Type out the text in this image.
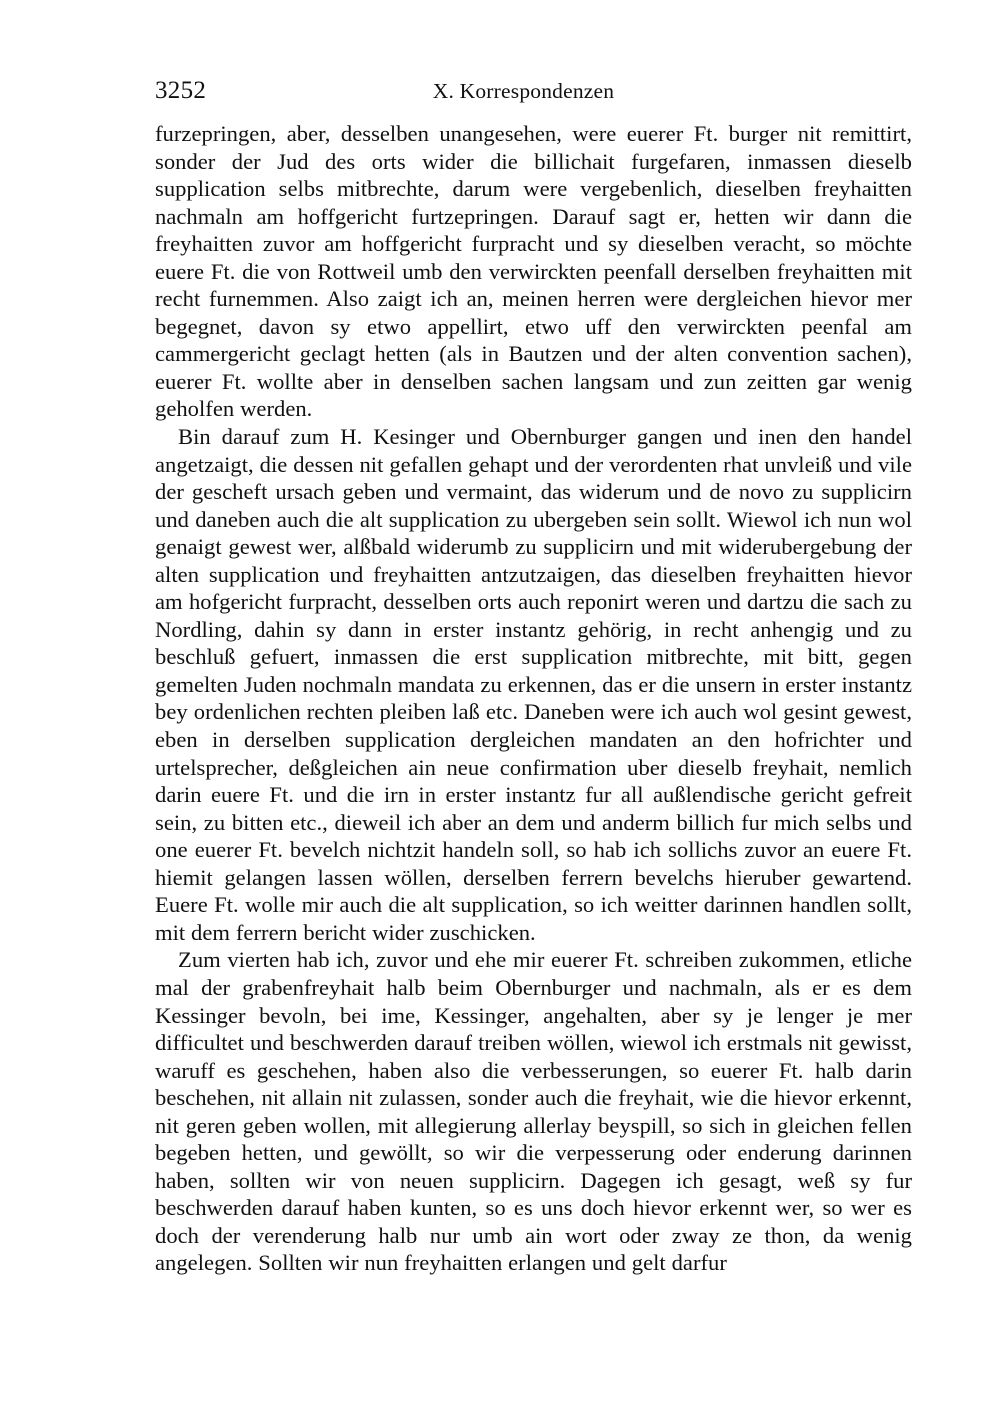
3252	X. Korrespondenzen

furzepringen, aber, desselben unangesehen, were euerer Ft. burger nit remittirt, sonder der Jud des orts wider die billichait furgefaren, inmassen dieselb supplication selbs mitbrechte, darum were vergebenlich, dieselben freyhaitten nachmaln am hoffgericht furtzepringen. Darauf sagt er, hetten wir dann die freyhaitten zuvor am hoffgericht furpracht und sy dieselben veracht, so möchte euere Ft. die von Rottweil umb den verwirckten peenfall derselben freyhaitten mit recht furnemmen. Also zaigt ich an, meinen herren were dergleichen hievor mer begegnet, davon sy etwo appellirt, etwo uff den verwirckten peenfal am cammergericht geclagt hetten (als in Bautzen und der alten convention sachen), euerer Ft. wollte aber in denselben sachen langsam und zun zeitten gar wenig geholfen werden.

Bin darauf zum H. Kesinger und Obernburger gangen und inen den handel angetzaigt, die dessen nit gefallen gehapt und der verordenten rhat unvleiß und vile der gescheft ursach geben und vermaint, das widerum und de novo zu supplicirn und daneben auch die alt supplication zu ubergeben sein sollt. Wiewol ich nun wol genaigt gewest wer, alßbald widerumb zu supplicirn und mit widerubergebung der alten supplication und freyhaitten antzutzaigen, das dieselben freyhaitten hievor am hofgericht furpracht, desselben orts auch reponirt weren und dartzu die sach zu Nordling, dahin sy dann in erster instantz gehörig, in recht anhengig und zu beschluß gefuert, inmassen die erst supplication mitbrechte, mit bitt, gegen gemelten Juden nochmaln mandata zu erkennen, das er die unsern in erster instantz bey ordenlichen rechten pleiben laß etc. Daneben were ich auch wol gesint gewest, eben in derselben supplication dergleichen mandaten an den hofrichter und urtelsprecher, deßgleichen ain neue confirmation uber dieselb freyhait, nemlich darin euere Ft. und die irn in erster instantz fur all außlendische gericht gefreit sein, zu bitten etc., dieweil ich aber an dem und anderm billich fur mich selbs und one euerer Ft. bevelch nichtzit handeln soll, so hab ich sollichs zuvor an euere Ft. hiemit gelangen lassen wöllen, derselben ferrern bevelchs hieruber gewartend. Euere Ft. wolle mir auch die alt supplication, so ich weitter darinnen handlen sollt, mit dem ferrern bericht wider zuschicken.

Zum vierten hab ich, zuvor und ehe mir euerer Ft. schreiben zukommen, etliche mal der grabenfreyhait halb beim Obernburger und nachmaln, als er es dem Kessinger bevoln, bei ime, Kessinger, angehalten, aber sy je lenger je mer difficultet und beschwerden darauf treiben wöllen, wiewol ich erstmals nit gewisst, waruff es geschehen, haben also die verbesserungen, so euerer Ft. halb darin beschehen, nit allain nit zulassen, sonder auch die freyhait, wie die hievor erkennt, nit geren geben wollen, mit allegierung allerlay beyspill, so sich in gleichen fellen begeben hetten, und gewöllt, so wir die verpesserung oder enderung darinnen haben, sollten wir von neuen supplicirn. Dagegen ich gesagt, weß sy fur beschwerden darauf haben kunten, so es uns doch hievor erkennt wer, so wer es doch der verenderung halb nur umb ain wort oder zway ze thon, da wenig angelegen. Sollten wir nun freyhaitten erlangen und gelt darfur
